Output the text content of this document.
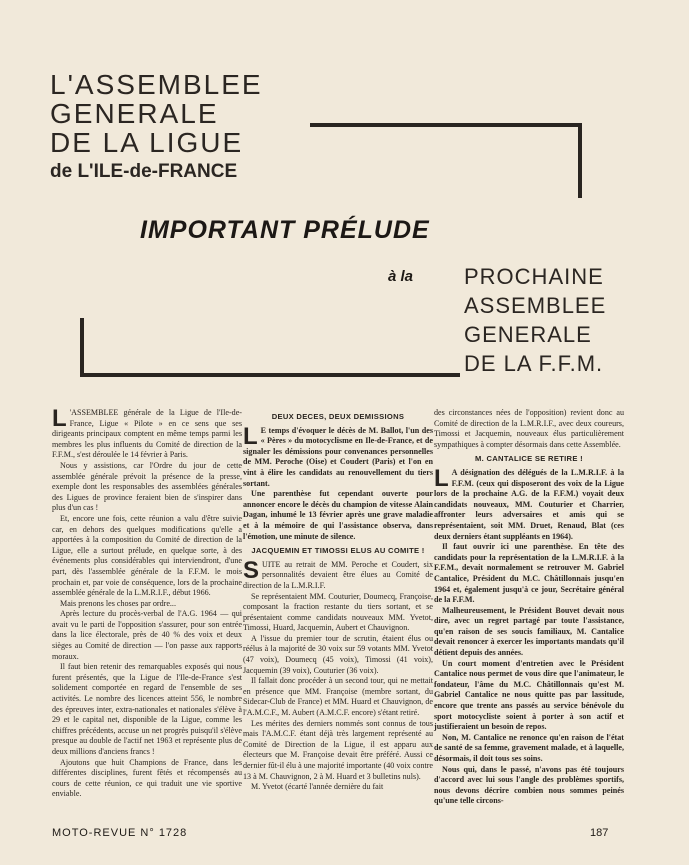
L'ASSEMBLEE
GENERALE
DE LA LIGUE
de L'ILE-de-FRANCE
IMPORTANT PRÉLUDE
à la PROCHAINE
ASSEMBLEE
GENERALE
DE LA F.F.M.

L 'ASSEMBLEE générale de la Ligue de l'Ile-de-France, Ligue « Pilote » en ce sens que ses dirigeants principaux comptent en même temps parmi les membres les plus influents du Comité de direction de la F.F.M., s'est déroulée le 14 février à Paris.

Nous y assistions, car l'Ordre du jour de cette assemblée générale prévoit la présence de la presse, exemple dont les responsables des assemblées générales des Ligues de province feraient bien de s'inspirer dans plus d'un cas !

Et, encore une fois, cette réunion a valu d'être suivie car, en dehors des quelques modifications qu'elle a apportées à la composition du Comité de direction de la Ligue, elle a surtout prélude, en quelque sorte, à des événements plus considérables qui interviendront, d'une part, dès l'assemblée générale de la F.F.M. le mois prochain et, par voie de conséquence, lors de la prochaine assemblée générale de la L.M.R.I.F., début 1966.

Mais prenons les choses par ordre...

Après lecture du procès-verbal de l'A.G. 1964 — qui avait vu le parti de l'opposition s'assurer, pour son entrée dans la lice électorale, près de 40 % des voix et deux sièges au Comité de direction — l'on passe aux rapports moraux.

Il faut bien retenir des remarquables exposés qui nous furent présentés, que la Ligue de l'Ile-de-France s'est solidement comportée en regard de l'ensemble de ses activités. Le nombre des licences atteint 556, le nombre des épreuves inter, extra-nationales et nationales s'élève à 29 et le capital net, disponible de la Ligue, comme les chiffres précédents, accuse un net progrès puisqu'il s'élève presque au double de l'actif net 1963 et représente plus de deux millions d'anciens francs !

Ajoutons que huit Champions de France, dans les différentes disciplines, furent fêtés et récompensés au cours de cette réunion, ce qui traduit une vie sportive enviable.

DEUX DECES, DEUX DEMISSIONS

L E temps d'évoquer le décès de M. Ballot, l'un des « Pères » du motocyclisme en Ile-de-France, et de signaler les démissions pour convenances personnelles de MM. Peroche (Oise) et Coudert (Paris) et l'on en vint à élire les candidats au renouvellement du tiers sortant.

Une parenthèse fut cependant ouverte pour annoncer encore le décès du champion de vitesse Alain Dagan, inhumé le 13 février après une grave maladie et à la mémoire de qui l'assistance observa, dans l'émotion, une minute de silence.

JACQUEMIN ET TIMOSSI ELUS AU COMITE !

SUITE au retrait de MM. Peroche et Coudert, six personnalités devaient être élues au Comité de direction de la L.M.R.I.F.

Se représentaient MM. Couturier, Doumecq, Françoise, composant la fraction restante du tiers sortant, et se présentaient comme candidats nouveaux MM. Yvetot, Timossi, Huard, Jacquemin, Aubert et Chauvignon.

A l'issue du premier tour de scrutin, étaient élus ou réélus à la majorité de 30 voix sur 59 votants MM. Yvetot (47 voix), Doumecq (45 voix), Timossi (41 voix), Jacquemin (39 voix), Couturier (36 voix).

Il fallait donc procéder à un second tour, qui ne mettait en présence que MM. Françoise (membre sortant, du Sidecar-Club de France) et MM. Huard et Chauvignon, de l'A.M.C.F., M. Aubert (A.M.C.F. encore) s'étant retiré.

Les mérites des derniers nommés sont connus de tous mais l'A.M.C.F. étant déjà très largement représenté au Comité de Direction de la Ligue, il est apparu aux électeurs que M. Françoise devait être préféré. Aussi ce dernier fût-il élu à une majorité importante (40 voix contre 13 à M. Chauvignon, 2 à M. Huard et 3 bulletins nuls).

M. Yvetot (écarté l'année dernière du fait

des circonstances nées de l'opposition) revient donc au Comité de direction de la L.M.R.I.F., avec deux coureurs, Timossi et Jacquemin, nouveaux élus particulièrement sympathiques à compter désormais dans cette Assemblée.

M. CANTALICE SE RETIRE !

L A désignation des délégués de la L.M.R.I.F. à la F.F.M. (ceux qui disposeront des voix de la Ligue lors de la prochaine A.G. de la F.F.M.) voyait deux candidats nouveaux, MM. Couturier et Charrier, affronter leurs adversaires et amis qui se représentaient, soit MM. Druet, Renaud, Blat (ces deux derniers étant suppléants en 1964).

Il faut ouvrir ici une parenthèse. En tête des candidats pour la représentation de la L.M.R.I.F. à la F.F.M., devait normalement se retrouver M. Gabriel Cantalice, Président du M.C. Châtillonnais jusqu'en 1964 et, également jusqu'à ce jour, Secrétaire général de la F.F.M.

Malheureusement, le Président Bouvet devait nous dire, avec un regret partagé par toute l'assistance, qu'en raison de ses soucis familiaux, M. Cantalice devait renoncer à exercer les importants mandats qu'il détient depuis des années.

Un court moment d'entretien avec le Président Cantalice nous permet de vous dire que l'animateur, le fondateur, l'âme du M.C. Châtillonnais qu'est M. Gabriel Cantalice ne nous quitte pas par lassitude, encore que trente ans passés au service bénévole du sport motocycliste soient à porter à son actif et justifieraient un besoin de repos.

Non, M. Cantalice ne renonce qu'en raison de l'état de santé de sa femme, gravement malade, et à laquelle, désormais, il doit tous ses soins.

Nous qui, dans le passé, n'avons pas été toujours d'accord avec lui sous l'angle des problèmes sportifs, nous devons décrire combien nous sommes peinés qu'une telle circons-

MOTO-REVUE N° 1728	187
